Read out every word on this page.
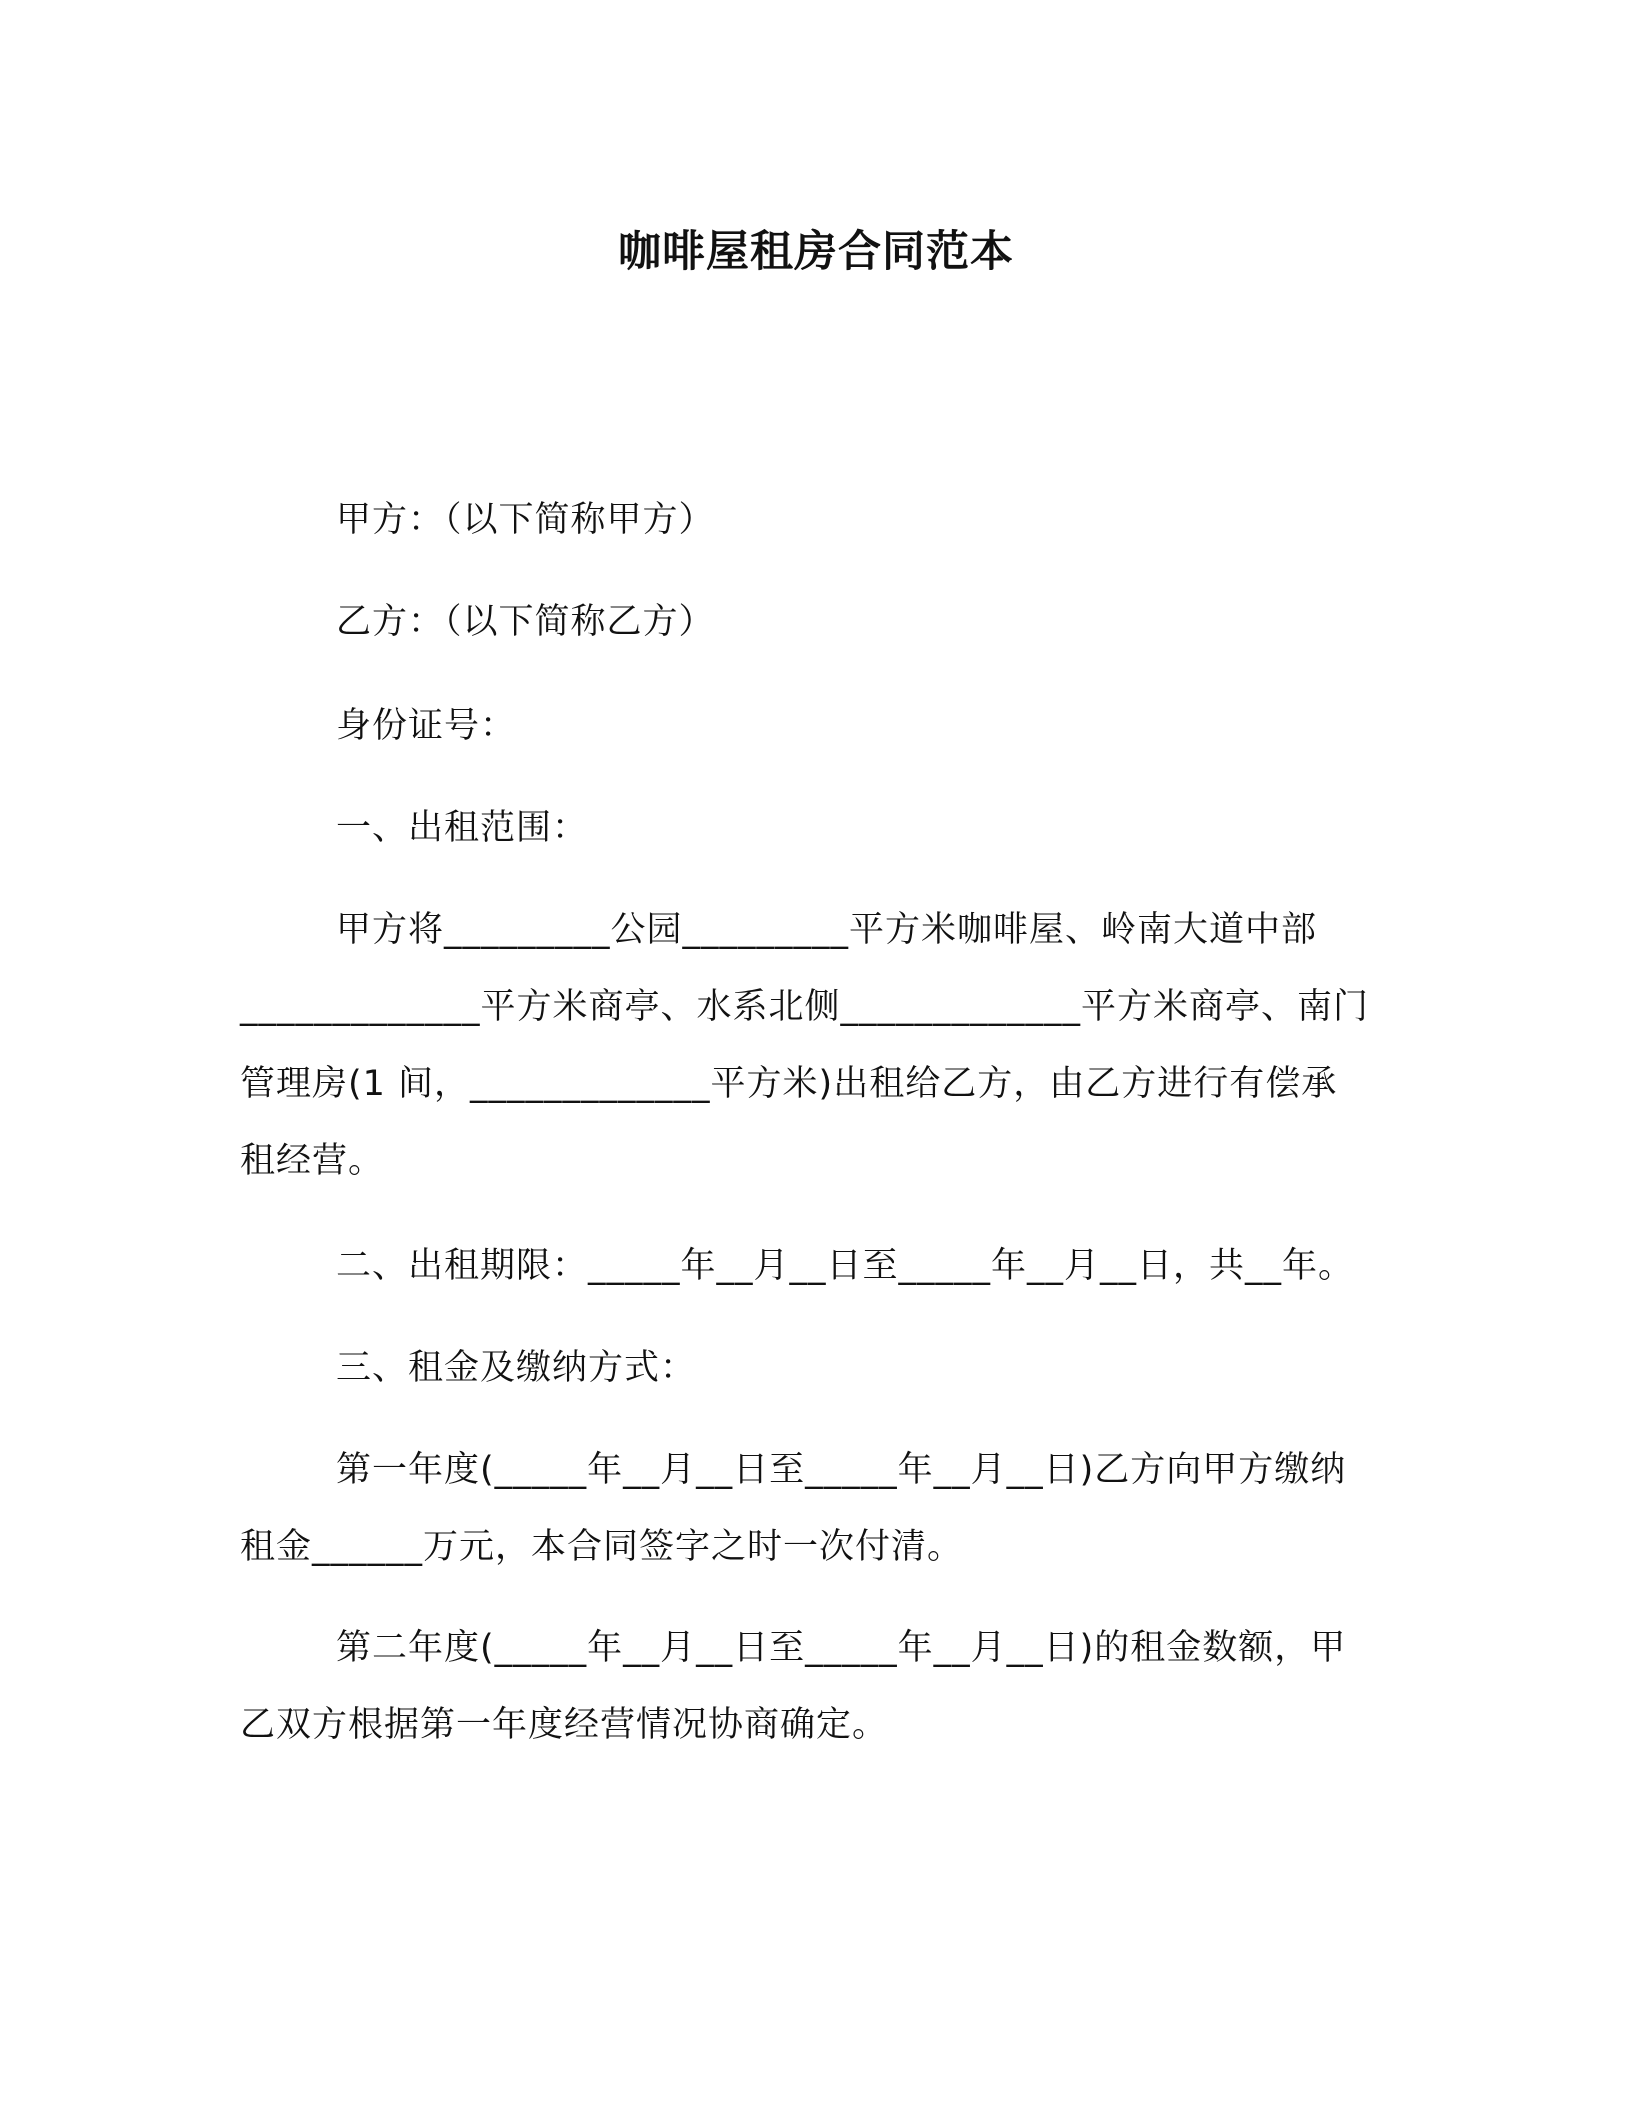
咖啡屋租房合同范本

甲方：（以下简称甲方）

乙方：（以下简称乙方）

身份证号：

一、出租范围：

甲方将_________公园_________平方米咖啡屋、岭南大道中部_____________平方米商亭、水系北侧_____________平方米商亭、南门管理房(1 间，_____________平方米)出租给乙方，由乙方进行有偿承租经营。

二、出租期限：_____年__月__日至_____年__月__日，共__年。

三、租金及缴纳方式：

第一年度(_____年__月__日至_____年__月__日)乙方向甲方缴纳租金______万元，本合同签字之时一次付清。

第二年度(_____年__月__日至_____年__月__日)的租金数额，甲乙双方根据第一年度经营情况协商确定。
